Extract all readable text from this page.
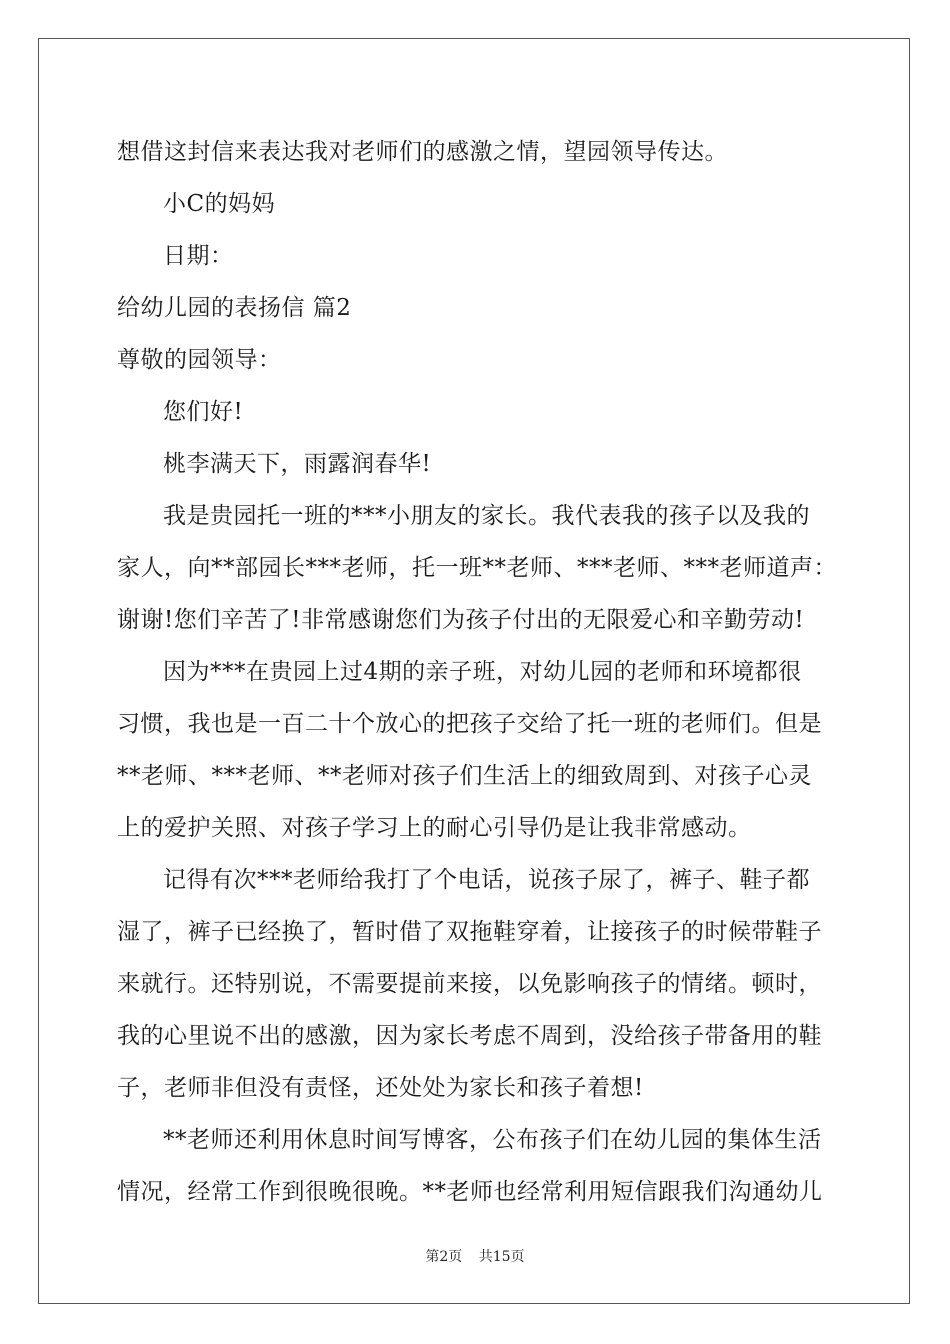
想借这封信来表达我对老师们的感激之情，望园领导传达。
小C的妈妈
日期：
给幼儿园的表扬信 篇2
尊敬的园领导：
您们好!
桃李满天下，雨露润春华!
我是贵园托一班的***小朋友的家长。我代表我的孩子以及我的
家人，向**部园长***老师，托一班**老师、***老师、***老师道声：
谢谢!您们辛苦了!非常感谢您们为孩子付出的无限爱心和辛勤劳动!
因为***在贵园上过4期的亲子班，对幼儿园的老师和环境都很
习惯，我也是一百二十个放心的把孩子交给了托一班的老师们。但是
**老师、***老师、**老师对孩子们生活上的细致周到、对孩子心灵
上的爱护关照、对孩子学习上的耐心引导仍是让我非常感动。
记得有次***老师给我打了个电话，说孩子尿了，裤子、鞋子都
湿了，裤子已经换了，暂时借了双拖鞋穿着，让接孩子的时候带鞋子
来就行。还特别说，不需要提前来接，以免影响孩子的情绪。顿时，
我的心里说不出的感激，因为家长考虑不周到，没给孩子带备用的鞋
子，老师非但没有责怪，还处处为家长和孩子着想!
**老师还利用休息时间写博客，公布孩子们在幼儿园的集体生活
情况，经常工作到很晚很晚。**老师也经常利用短信跟我们沟通幼儿
第2页 共15页
